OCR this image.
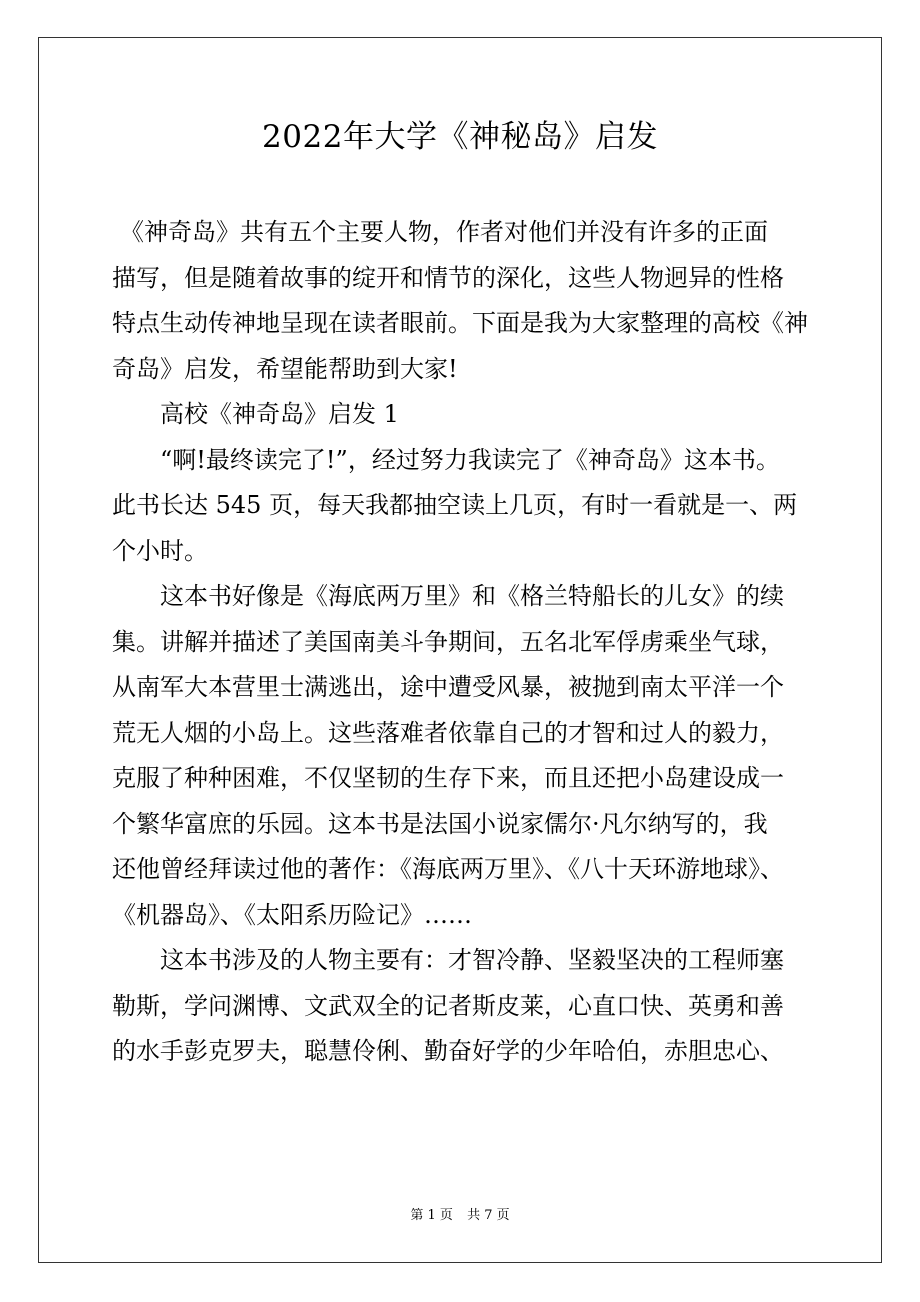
2022年大学《神秘岛》启发
《神奇岛》共有五个主要人物，作者对他们并没有许多的正面
描写，但是随着故事的绽开和情节的深化，这些人物迥异的性格
特点生动传神地呈现在读者眼前。下面是我为大家整理的高校《神
奇岛》启发，希望能帮助到大家!
高校《神奇岛》启发 1
“啊!最终读完了!”，经过努力我读完了《神奇岛》这本书。
此书长达 545 页，每天我都抽空读上几页，有时一看就是一、两
个小时。
这本书好像是《海底两万里》和《格兰特船长的儿女》的续
集。讲解并描述了美国南美斗争期间，五名北军俘虏乘坐气球，
从南军大本营里士满逃出，途中遭受风暴，被抛到南太平洋一个
荒无人烟的小岛上。这些落难者依靠自己的才智和过人的毅力，
克服了种种困难，不仅坚韧的生存下来，而且还把小岛建设成一
个繁华富庶的乐园。这本书是法国小说家儒尔·凡尔纳写的，我
还他曾经拜读过他的著作：《海底两万里》、《八十天环游地球》、
《机器岛》、《太阳系历险记》……
这本书涉及的人物主要有：才智冷静、坚毅坚决的工程师塞
勒斯，学问渊博、文武双全的记者斯皮莱，心直口快、英勇和善
的水手彭克罗夫，聪慧伶俐、勤奋好学的少年哈伯，赤胆忠心、
第 1 页 共 7 页
